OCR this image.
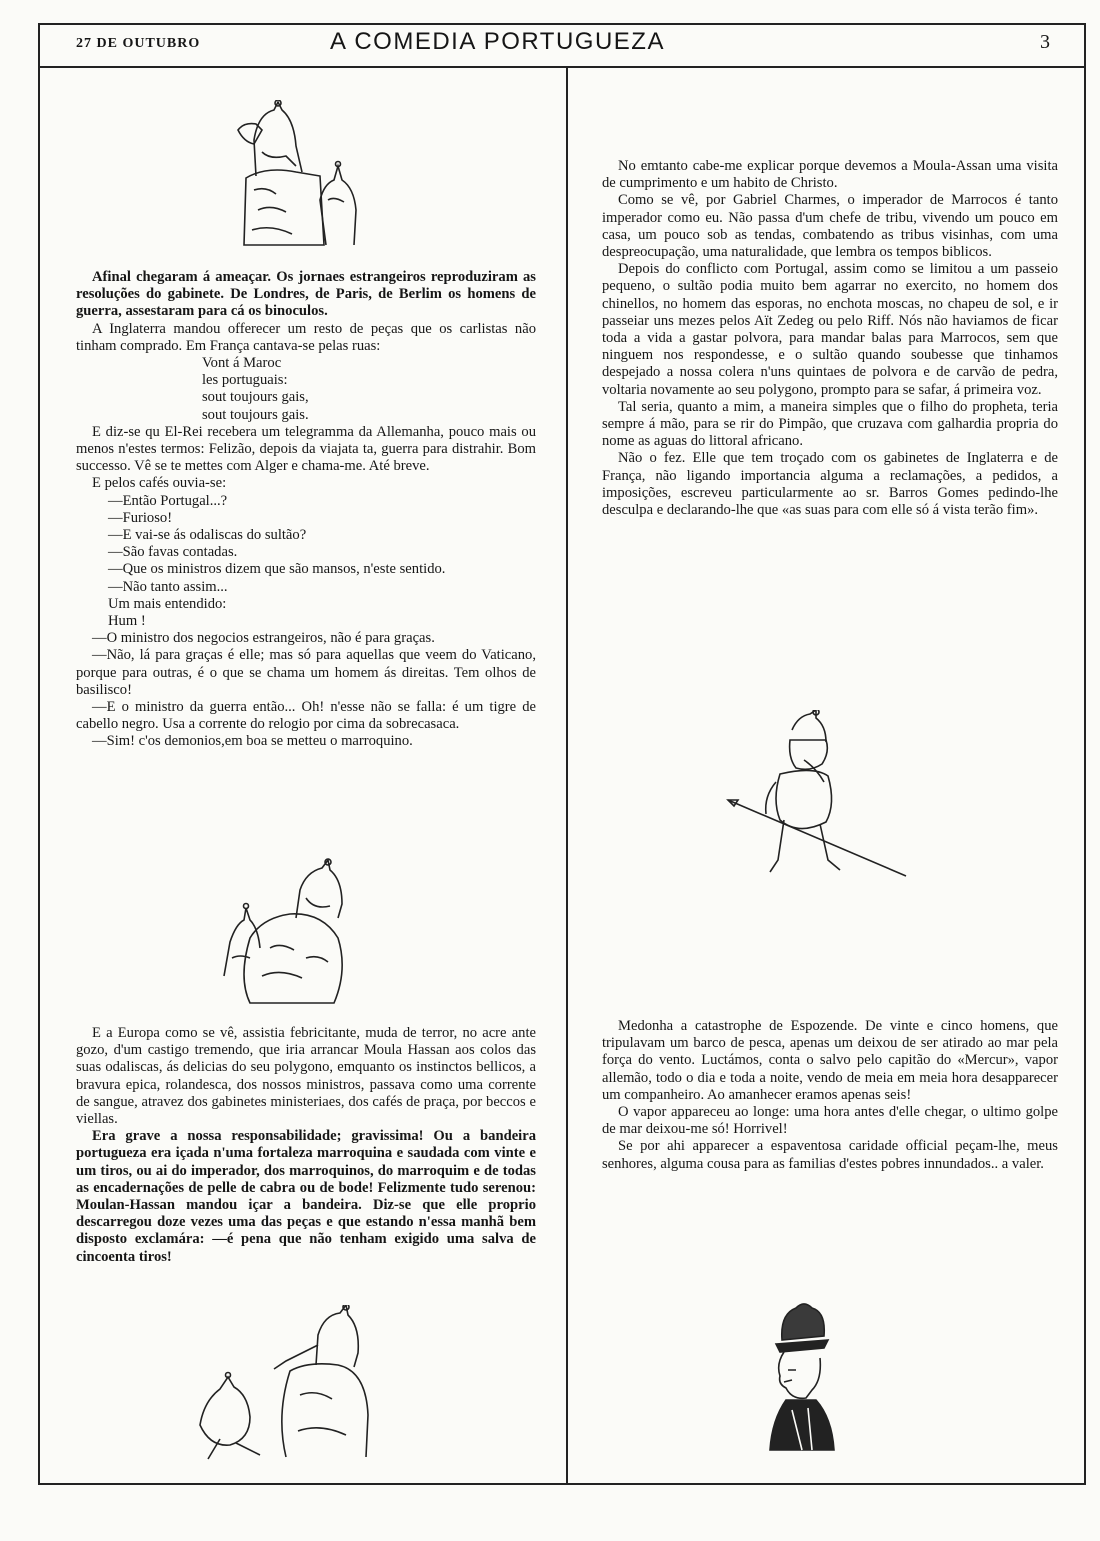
27 DE OUTUBRO	A COMEDIA PORTUGUEZA	3

Afinal chegaram á ameaçar. Os jornaes estrangeiros reproduziram as resoluções do gabinete. De Londres, de Paris, de Berlim os homens de guerra, assestaram para cá os binoculos.

A Inglaterra mandou offerecer um resto de peças que os carlistas não tinham comprado. Em França cantava-se pelas ruas:

Vont á Maroc

les portuguais:

sout toujours gais,

sout toujours gais.

E diz-se qu El-Rei recebera um telegramma da Allemanha, pouco mais ou menos n'estes termos: Felizão, depois da viajata ta, guerra para distrahir. Bom successo. Vê se te mettes com Alger e chama-me. Até breve.

E pelos cafés ouvia-se:

—Então Portugal...?

—Furioso!

—E vai-se ás odaliscas do sultão?

—São favas contadas.

—Que os ministros dizem que são mansos, n'este sentido.

—Não tanto assim...

Um mais entendido:

Hum !

—O ministro dos negocios estrangeiros, não é para graças.

—Não, lá para graças é elle; mas só para aquellas que veem do Vaticano, porque para outras, é o que se chama um homem ás direitas. Tem olhos de basilisco!

—E o ministro da guerra então... Oh! n'esse não se falla: é um tigre de cabello negro. Usa a corrente do relogio por cima da sobrecasaca.

—Sim! c'os demonios,em boa se metteu o marroquino.

E a Europa como se vê, assistia febricitante, muda de terror, no acre ante gozo, d'um castigo tremendo, que iria arrancar Moula Hassan aos colos das suas odaliscas, ás delicias do seu polygono, emquanto os instinctos bellicos, a bravura epica, rolandesca, dos nossos ministros, passava como uma corrente de sangue, atravez dos gabinetes ministeriaes, dos cafés de praça, por beccos e viellas.

Era grave a nossa responsabilidade; gravissima! Ou a bandeira portugueza era içada n'uma fortaleza marroquina e saudada com vinte e um tiros, ou ai do imperador, dos marroquinos, do marroquim e de todas as encadernações de pelle de cabra ou de bode! Felizmente tudo serenou: Moulan-Hassan mandou içar a bandeira. Diz-se que elle proprio descarregou doze vezes uma das peças e que estando n'essa manhã bem disposto exclamára: —é pena que não tenham exigido uma salva de cincoenta tiros!

No emtanto cabe-me explicar porque devemos a Moula-Assan uma visita de cumprimento e um habito de Christo.

Como se vê, por Gabriel Charmes, o imperador de Marrocos é tanto imperador como eu. Não passa d'um chefe de tribu, vivendo um pouco em casa, um pouco sob as tendas, combatendo as tribus visinhas, com uma despreocupação, uma naturalidade, que lembra os tempos biblicos.

Depois do conflicto com Portugal, assim como se limitou a um passeio pequeno, o sultão podia muito bem agarrar no exercito, no homem dos chinellos, no homem das esporas, no enchota moscas, no chapeu de sol, e ir passeiar uns mezes pelos Aït Zedeg ou pelo Riff. Nós não haviamos de ficar toda a vida a gastar polvora, para mandar balas para Marrocos, sem que ninguem nos respondesse, e o sultão quando soubesse que tinhamos despejado a nossa colera n'uns quintaes de polvora e de carvão de pedra, voltaria novamente ao seu polygono, prompto para se safar, á primeira voz.

Tal seria, quanto a mim, a maneira simples que o filho do propheta, teria sempre á mão, para se rir do Pimpão, que cruzava com galhardia propria do nome as aguas do littoral africano.

Não o fez. Elle que tem troçado com os gabinetes de Inglaterra e de França, não ligando importancia alguma a reclamações, a pedidos, a imposições, escreveu particularmente ao sr. Barros Gomes pedindo-lhe desculpa e declarando-lhe que «as suas para com elle só á vista terão fim».

Medonha a catastrophe de Espozende. De vinte e cinco homens, que tripulavam um barco de pesca, apenas um deixou de ser atirado ao mar pela força do vento. Luctámos, conta o salvo pelo capitão do «Mercur», vapor allemão, todo o dia e toda a noite, vendo de meia em meia hora desapparecer um companheiro. Ao amanhecer eramos apenas seis!

O vapor appareceu ao longe: uma hora antes d'elle chegar, o ultimo golpe de mar deixou-me só! Horrivel!

Se por ahi apparecer a espaventosa caridade official peçam-lhe, meus senhores, alguma cousa para as familias d'estes pobres innundados.. a valer.
